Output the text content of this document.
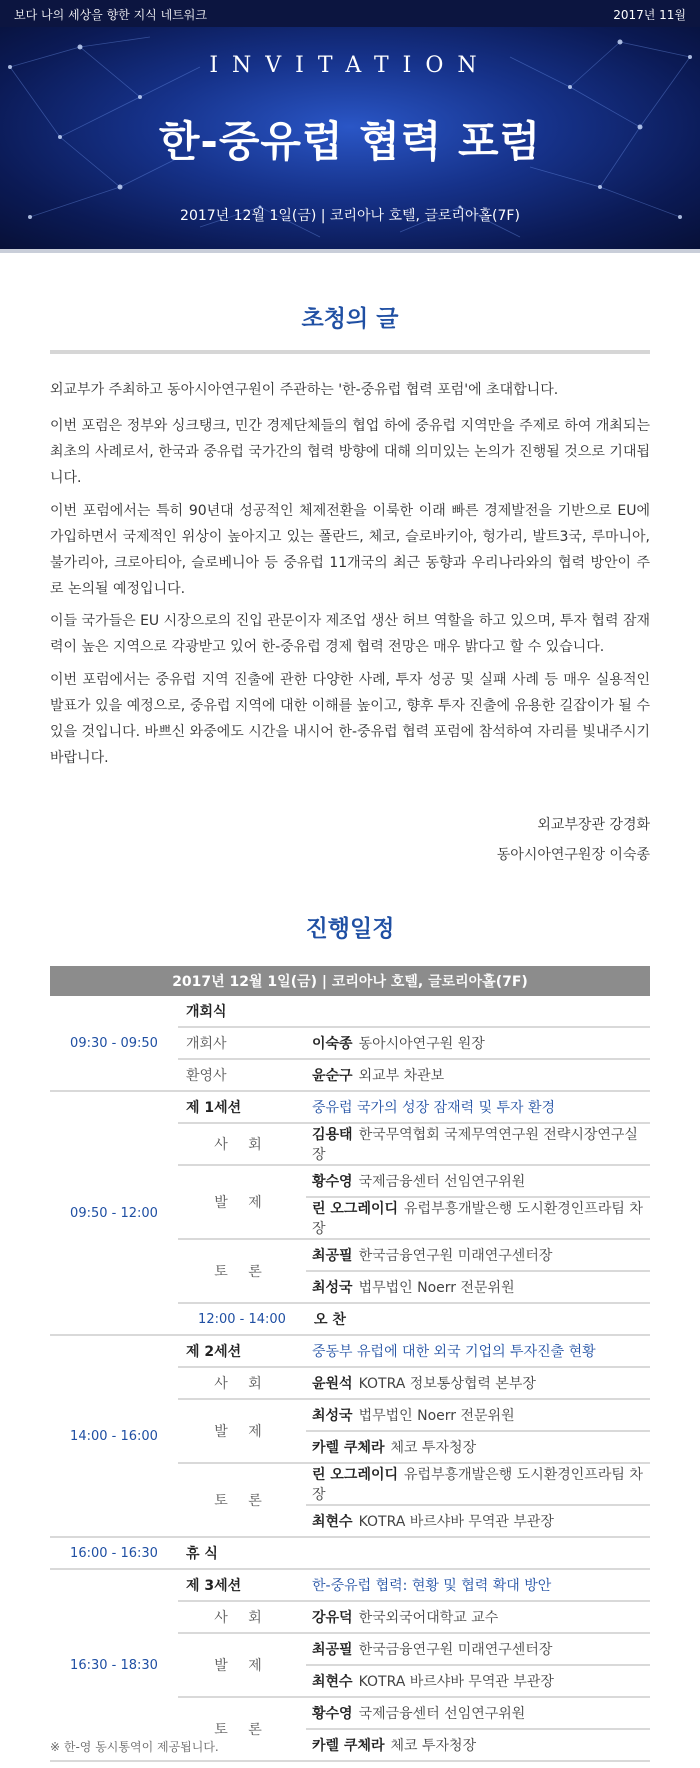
보다 나의 세상을 향한 지식 네트워크	2017년 11월
INVITATION
한-중유럽 협력 포럼
2017년 12월 1일(금) | 코리아나 호텔, 글로리아홀(7F)
초청의 글

외교부가 주최하고 동아시아연구원이 주관하는 '한-중유럽 협력 포럼'에 초대합니다.

이번 포럼은 정부와 싱크탱크, 민간 경제단체들의 협업 하에 중유럽 지역만을 주제로 하여 개최되는 최초의 사례로서, 한국과 중유럽 국가간의 협력 방향에 대해 의미있는 논의가 진행될 것으로 기대됩니다.

이번 포럼에서는 특히 90년대 성공적인 체제전환을 이룩한 이래 빠른 경제발전을 기반으로 EU에 가입하면서 국제적인 위상이 높아지고 있는 폴란드, 체코, 슬로바키아, 헝가리, 발트3국, 루마니아, 불가리아, 크로아티아, 슬로베니아 등 중유럽 11개국의 최근 동향과 우리나라와의 협력 방안이 주로 논의될 예정입니다.

이들 국가들은 EU 시장으로의 진입 관문이자 제조업 생산 허브 역할을 하고 있으며, 투자 협력 잠재력이 높은 지역으로 각광받고 있어 한-중유럽 경제 협력 전망은 매우 밝다고 할 수 있습니다.

이번 포럼에서는 중유럽 지역 진출에 관한 다양한 사례, 투자 성공 및 실패 사례 등 매우 실용적인 발표가 있을 예정으로, 중유럽 지역에 대한 이해를 높이고, 향후 투자 진출에 유용한 길잡이가 될 수 있을 것입니다. 바쁘신 와중에도 시간을 내시어 한-중유럽 협력 포럼에 참석하여 자리를 빛내주시기 바랍니다.

외교부장관 강경화
동아시아연구원장 이숙종
진행일정
2017년 12월 1일(금) | 코리아나 호텔, 글로리아홀(7F)		
09:30 - 09:50	개회식	
	개회사	이숙종 동아시아연구원 원장
	환영사	윤순구 외교부 차관보
09:50 - 12:00	제 1세션	중유럽 국가의 성장 잠재력 및 투자 환경
	사 회	김용태 한국무역협회 국제무역연구원 전략시장연구실장
	발 제	황수영 국제금융센터 선임연구위원
		린 오그레이디 유럽부흥개발은행 도시환경인프라팀 차장
	토 론	최공필 한국금융연구원 미래연구센터장
		최성국 법무법인 Noerr 전문위원
	12:00 - 14:00	오 찬
14:00 - 16:00	제 2세션	중동부 유럽에 대한 외국 기업의 투자진출 현황
	사 회	윤원석 KOTRA 정보통상협력 본부장
	발 제	최성국 법무법인 Noerr 전문위원
		카렐 쿠체라 체코 투자청장
	토 론	린 오그레이디 유럽부흥개발은행 도시환경인프라팀 차장
		최현수 KOTRA 바르샤바 무역관 부관장
16:00 - 16:30	휴 식	
16:30 - 18:30	제 3세션	한-중유럽 협력: 현황 및 협력 확대 방안
	사 회	강유덕 한국외국어대학교 교수
	발 제	최공필 한국금융연구원 미래연구센터장
		최현수 KOTRA 바르샤바 무역관 부관장
	토 론	황수영 국제금융센터 선임연구위원
		카렐 쿠체라 체코 투자청장
※ 한-영 동시통역이 제공됩니다.
